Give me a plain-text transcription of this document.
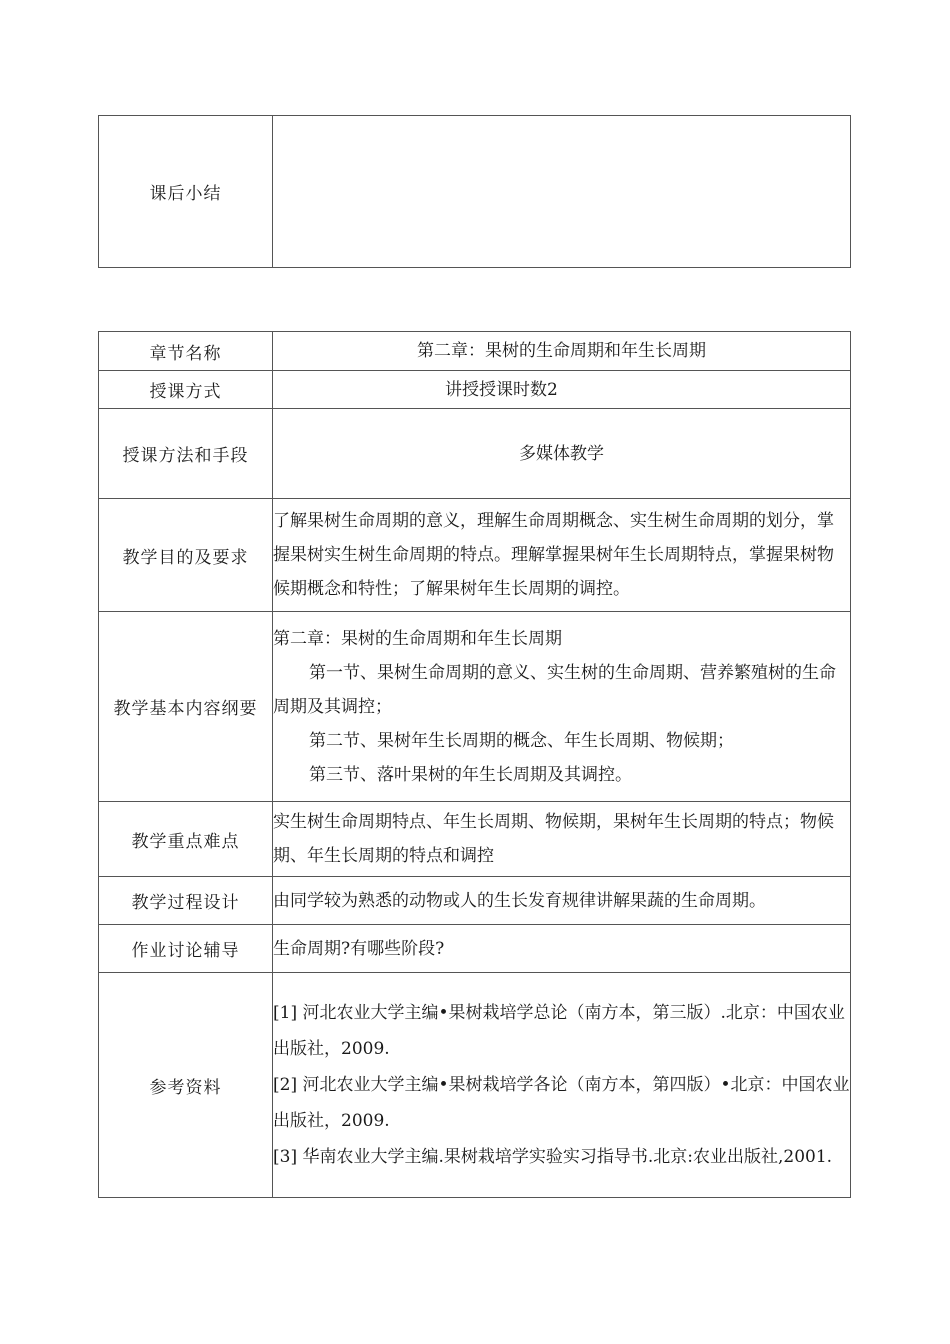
课后小结	
章节名称	第二章：果树的生命周期和年生长周期
授课方式	讲授授课时数2
授课方法和手段	多媒体教学
教学目的及要求	了解果树生命周期的意义，理解生命周期概念、实生树生命周期的划分，掌握果树实生树生命周期的特点。理解掌握果树年生长周期特点，掌握果树物候期概念和特性；了解果树年生长周期的调控。
教学基本内容纲要	第二章：果树的生命周期和年生长周期

第一节、果树生命周期的意义、实生树的生命周期、营养繁殖树的生命周期及其调控；

第二节、果树年生长周期的概念、年生长周期、物候期；

第三节、落叶果树的年生长周期及其调控。

教学重点难点	实生树生命周期特点、年生长周期、物候期，果树年生长周期的特点；物候期、年生长周期的特点和调控
教学过程设计	由同学较为熟悉的动物或人的生长发育规律讲解果蔬的生命周期。
作业讨论辅导	生命周期?有哪些阶段?
参考资料	[1] 河北农业大学主编•果树栽培学总论（南方本，第三版）.北京：中国农业出版社，2009.

[2] 河北农业大学主编•果树栽培学各论（南方本，第四版）•北京：中国农业出版社，2009.

[3] 华南农业大学主编.果树栽培学实验实习指导书.北京:农业出版社,2001.
